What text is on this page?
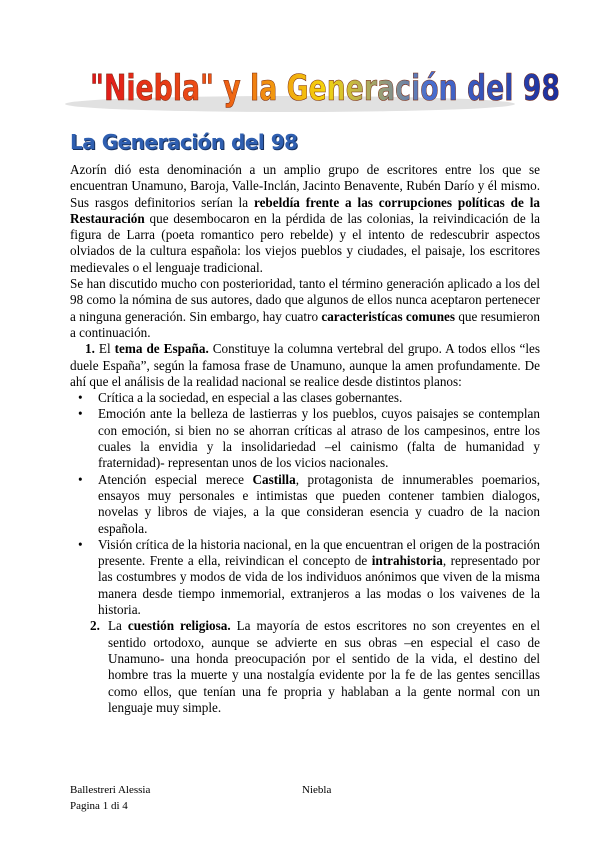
"Niebla" y la Generación del 98
La Generación del 98

Azorín dió esta denominación a un amplio grupo de escritores entre los que se encuentran Unamuno, Baroja, Valle-Inclán, Jacinto Benavente, Rubén Darío y él mismo. Sus rasgos definitorios serían la rebeldía frente a las corrupciones políticas de la Restauración que desembocaron en la pérdida de las colonias, la reivindicación de la figura de Larra (poeta romantico pero rebelde) y el intento de redescubrir aspectos olviados de la cultura española: los viejos pueblos y ciudades, el paisaje, los escritores medievales o el lenguaje tradicional.

Se han discutido mucho con posterioridad, tanto el término generación aplicado a los del 98 como la nómina de sus autores, dado que algunos de ellos nunca aceptaron pertenecer a ninguna generación. Sin embargo, hay cuatro caracteristícas comunes que resumieron a continuación.

1. El tema de España. Constituye la columna vertebral del grupo. A todos ellos “les duele España”, según la famosa frase de Unamuno, aunque la amen profundamente. De ahí que el análisis de la realidad nacional se realice desde distintos planos:

• Crítica a la sociedad, en especial a las clases gobernantes.
• Emoción ante la belleza de lastierras y los pueblos, cuyos paisajes se contemplan con emoción, si bien no se ahorran críticas al atraso de los campesinos, entre los cuales la envidia y la insolidariedad –el cainismo (falta de humanidad y fraternidad)- representan unos de los vicios nacionales.
• Atención especial merece Castilla, protagonista de innumerables poemarios, ensayos muy personales e intimistas que pueden contener tambien dialogos, novelas y libros de viajes, a la que consideran esencia y cuadro de la nacion española.
• Visión crítica de la historia nacional, en la que encuentran el origen de la postración presente. Frente a ella, reivindican el concepto de intrahistoria, representado por las costumbres y modos de vida de los individuos anónimos que viven de la misma manera desde tiempo inmemorial, extranjeros a las modas o los vaivenes de la historia.
2. La cuestión religiosa. La mayoría de estos escritores no son creyentes en el sentido ortodoxo, aunque se advierte en sus obras –en especial el caso de Unamuno- una honda preocupación por el sentido de la vida, el destino del hombre tras la muerte y una nostalgía evidente por la fe de las gentes sencillas como ellos, que tenían una fe propria y hablaban a la gente normal con un lenguaje muy simple.
Ballestreri Alessia
Pagina 1 di 4
Niebla
